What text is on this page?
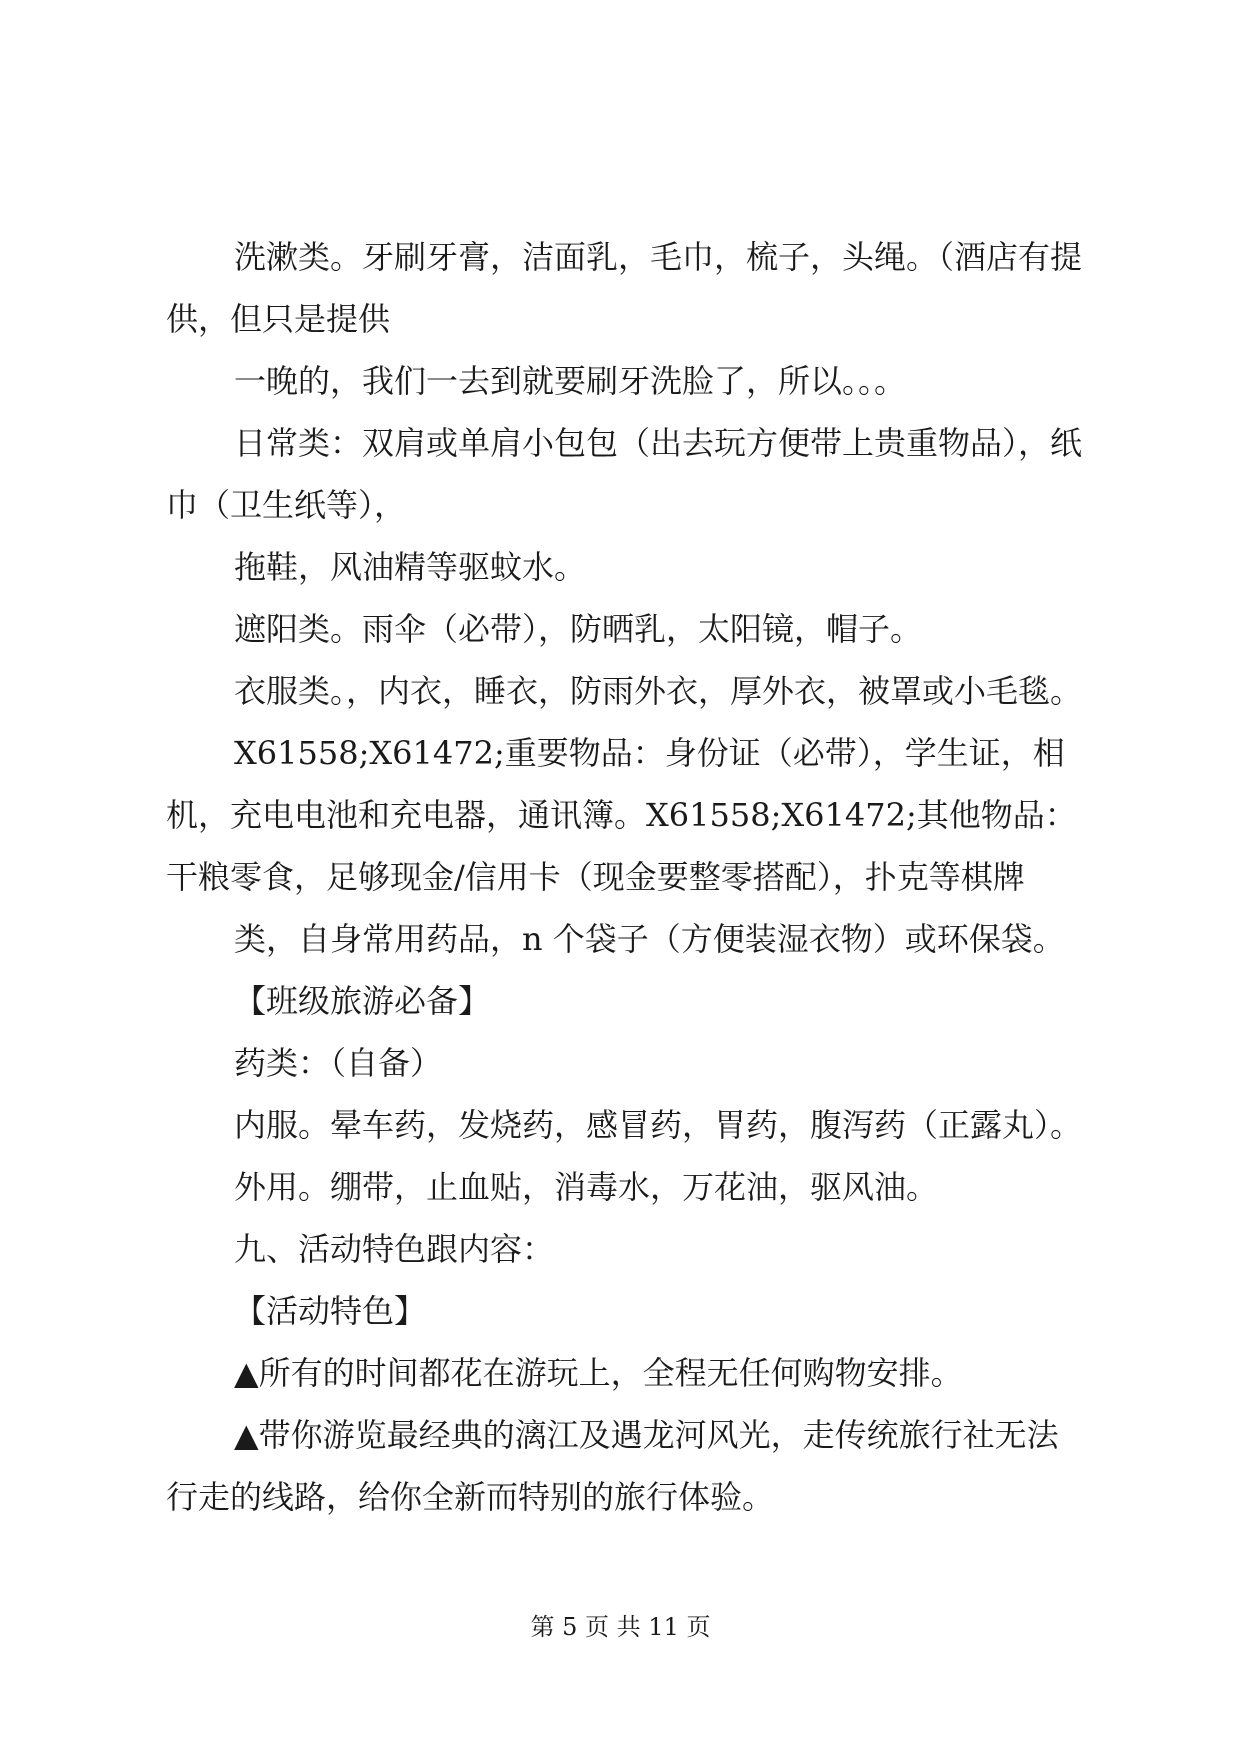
洗漱类。牙刷牙膏，洁面乳，毛巾，梳子，头绳。（酒店有提供，但只是提供

一晚的，我们一去到就要刷牙洗脸了，所以。。。

日常类：双肩或单肩小包包（出去玩方便带上贵重物品），纸巾（卫生纸等），

拖鞋，风油精等驱蚊水。

遮阳类。雨伞（必带），防晒乳，太阳镜，帽子。

衣服类。，内衣，睡衣，防雨外衣，厚外衣，被罩或小毛毯。

X61558;X61472;重要物品：身份证（必带），学生证，相机，充电电池和充电器，通讯簿。X61558;X61472;其他物品：干粮零食，足够现金/信用卡（现金要整零搭配），扑克等棋牌

类，自身常用药品，n 个袋子（方便装湿衣物）或环保袋。

【班级旅游必备】

药类：（自备）

内服。晕车药，发烧药，感冒药，胃药，腹泻药（正露丸）。

外用。绷带，止血贴，消毒水，万花油，驱风油。

九、活动特色跟内容：

【活动特色】

▲所有的时间都花在游玩上，全程无任何购物安排。

▲带你游览最经典的漓江及遇龙河风光，走传统旅行社无法行走的线路，给你全新而特别的旅行体验。

第 5 页 共 11 页
